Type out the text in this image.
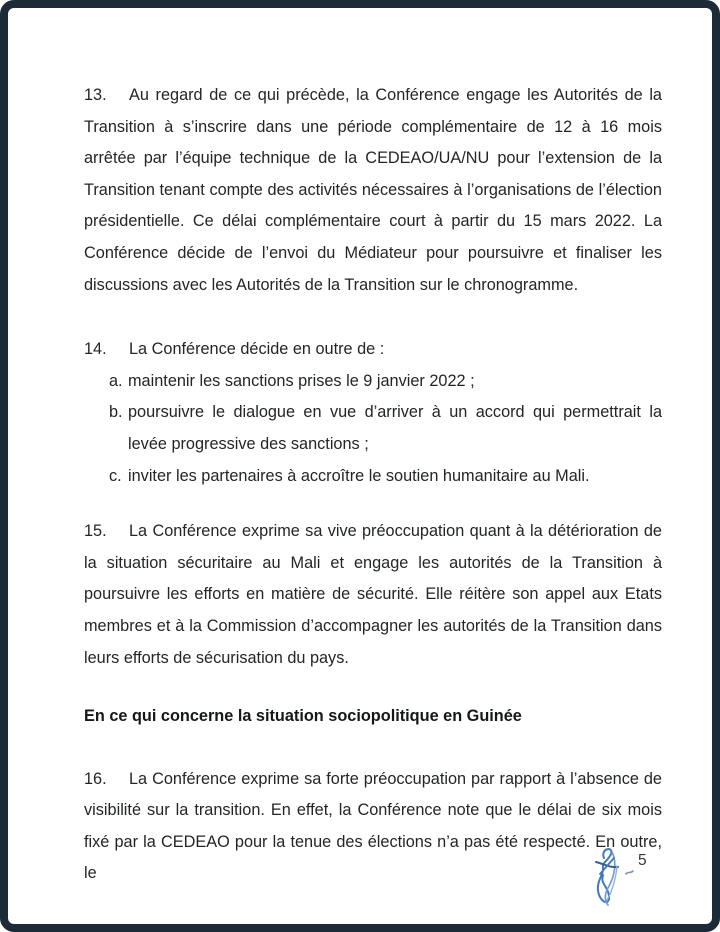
13. Au regard de ce qui précède, la Conférence engage les Autorités de la Transition à s’inscrire dans une période complémentaire de 12 à 16 mois arrêtée par l’équipe technique de la CEDEAO/UA/NU pour l’extension de la Transition tenant compte des activités nécessaires à l’organisations de l’élection présidentielle. Ce délai complémentaire court à partir du 15 mars 2022. La Conférence décide de l’envoi du Médiateur pour poursuivre et finaliser les discussions avec les Autorités de la Transition sur le chronogramme.

14. La Conférence décide en outre de :

a. maintenir les sanctions prises le 9 janvier 2022 ;
b. poursuivre le dialogue en vue d’arriver à un accord qui permettrait la levée progressive des sanctions ;
c. inviter les partenaires à accroître le soutien humanitaire au Mali.

15. La Conférence exprime sa vive préoccupation quant à la détérioration de la situation sécuritaire au Mali et engage les autorités de la Transition à poursuivre les efforts en matière de sécurité. Elle réitère son appel aux Etats membres et à la Commission d’accompagner les autorités de la Transition dans leurs efforts de sécurisation du pays.

En ce qui concerne la situation sociopolitique en Guinée

16. La Conférence exprime sa forte préoccupation par rapport à l’absence de visibilité sur la transition. En effet, la Conférence note que le délai de six mois fixé par la CEDEAO pour la tenue des élections n’a pas été respecté. En outre, le

5
